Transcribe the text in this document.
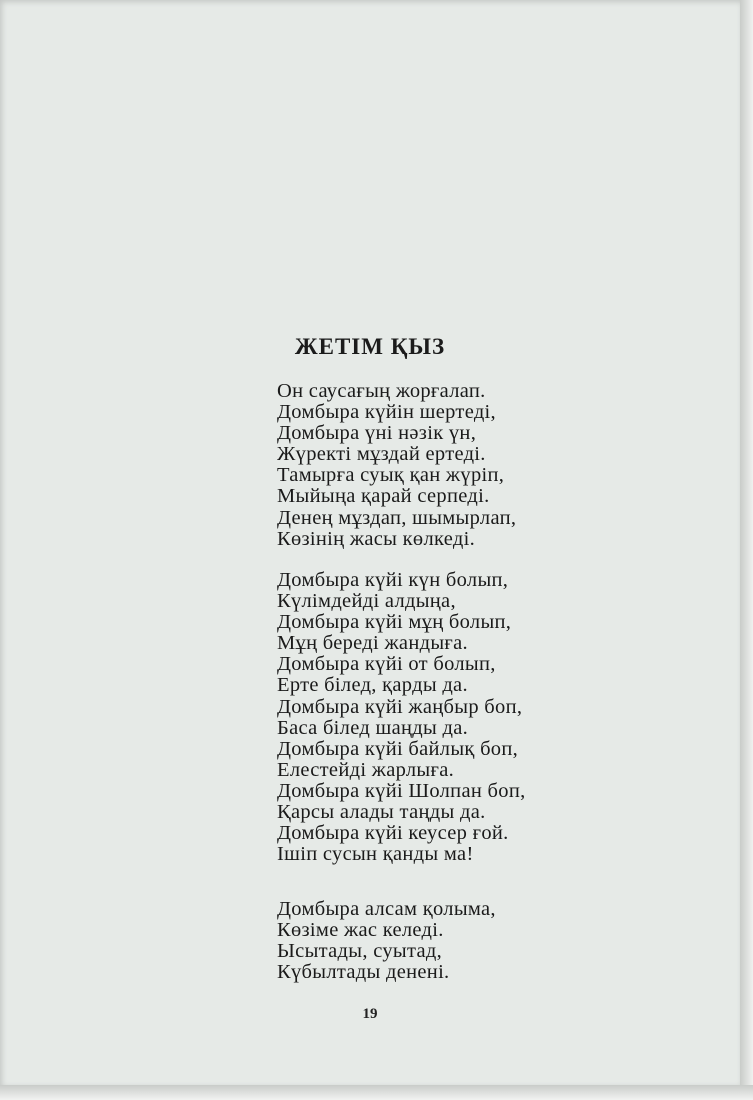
ЖЕТІМ ҚЫЗ
Он саусағың жорғалап.
Домбыра күйін шертеді,
Домбыра үні нәзік үн,
Жүректі мұздай ертеді.
Тамырға суық қан жүріп,
Мыйыңа қарай серпеді.
Денең мұздап, шымырлап,
Көзінің жасы көлкеді.
Домбыра күйі күн болып,
Күлімдейді алдыңа,
Домбыра күйі мұң болып,
Мұң береді жандыға.
Домбыра күйі от болып,
Ерте білед, қарды да.
Домбыра күйі жаңбыр боп,
Баса білед шаңды да.
Домбыра күйі байлық боп,
Елестейді жарлыға.
Домбыра күйі Шолпан боп,
Қарсы алады таңды да.
Домбыра күйі кеусер ғой.
Ішіп сусын қанды ма!
Домбыра алсам қолыма,
Көзіме жас келеді.
Ысытады, суытад,
Күбылтады денені.
19
